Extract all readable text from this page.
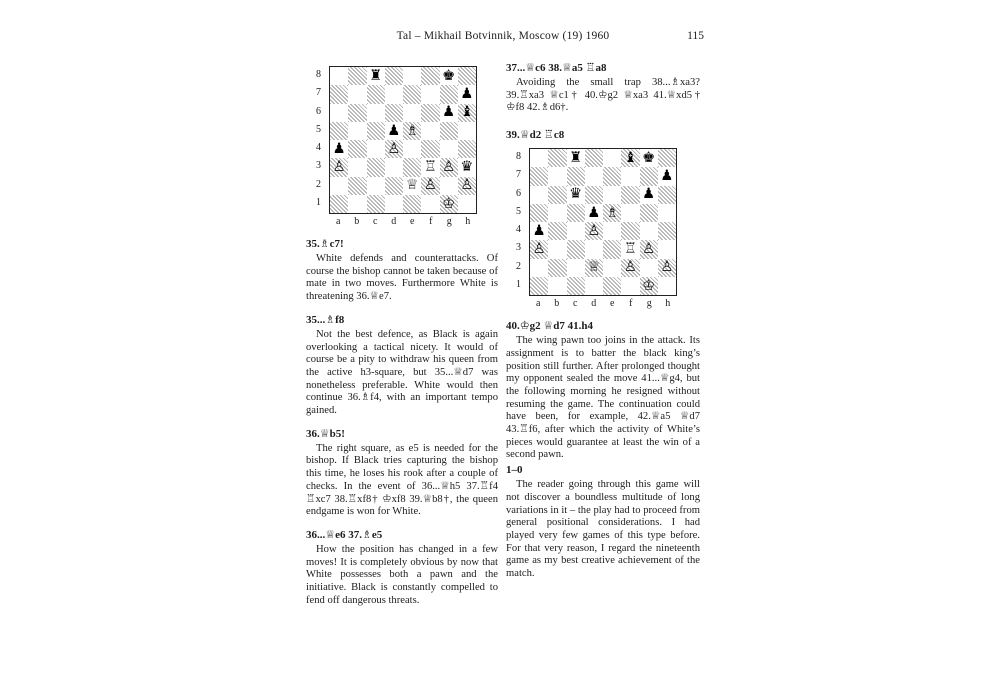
Tal – Mikhail Botvinnik, Moscow (19) 1960	115
8
7
6
5
4
3
2
1
♜	♚
♟
♟ ♝
♟ ♗
♟	♙
♙	♖ ♙ ♛
♕ ♙ ♙
♔
a	b	c	d	e	f	g	h
35.♗c7!

White defends and counterattacks. Of course the bishop cannot be taken because of mate in two moves. Furthermore White is threatening 36.♕e7.

35...♗f8

Not the best defence, as Black is again overlooking a tactical nicety. It would of course be a pity to withdraw his queen from the active h3-square, but 35...♕d7 was nonetheless preferable. White would then continue 36.♗f4, with an important tempo gained.

36.♕b5!

The right square, as e5 is needed for the bishop. If Black tries capturing the bishop this time, he loses his rook after a couple of checks. In the event of 36...♕h5 37.♖f4 ♖xc7 38.♖xf8† ♔xf8 39.♕b8†, the queen endgame is won for White.

36...♕e6 37.♗e5

How the position has changed in a few moves! It is completely obvious by now that White possesses both a pawn and the initiative. Black is constantly compelled to fend off dangerous threats.

37...♕c6 38.♕a5 ♖a8

Avoiding the small trap 38...♗xa3? 39.♖xa3 ♕c1† 40.♔g2 ♕xa3 41.♕xd5† ♔f8 42.♗d6†.

39.♕d2 ♖c8
8
7
6
5
4
3
2
1
♜	♝ ♚
♟
♛	♟
♟ ♗
♟	♙
♙	♖ ♙
♕ ♙ ♙
♔
a	b	c	d	e	f	g	h
40.♔g2 ♕d7 41.h4

The wing pawn too joins in the attack. Its assignment is to batter the black king’s position still further. After prolonged thought my opponent sealed the move 41...♕g4, but the following morning he resigned without resuming the game. The continuation could have been, for example, 42.♕a5 ♕d7 43.♖f6, after which the activity of White’s pieces would guarantee at least the win of a second pawn.

1–0

The reader going through this game will not discover a boundless multitude of long variations in it – the play had to proceed from general positional considerations. I had played very few games of this type before. For that very reason, I regard the nineteenth game as my best creative achievement of the match.
